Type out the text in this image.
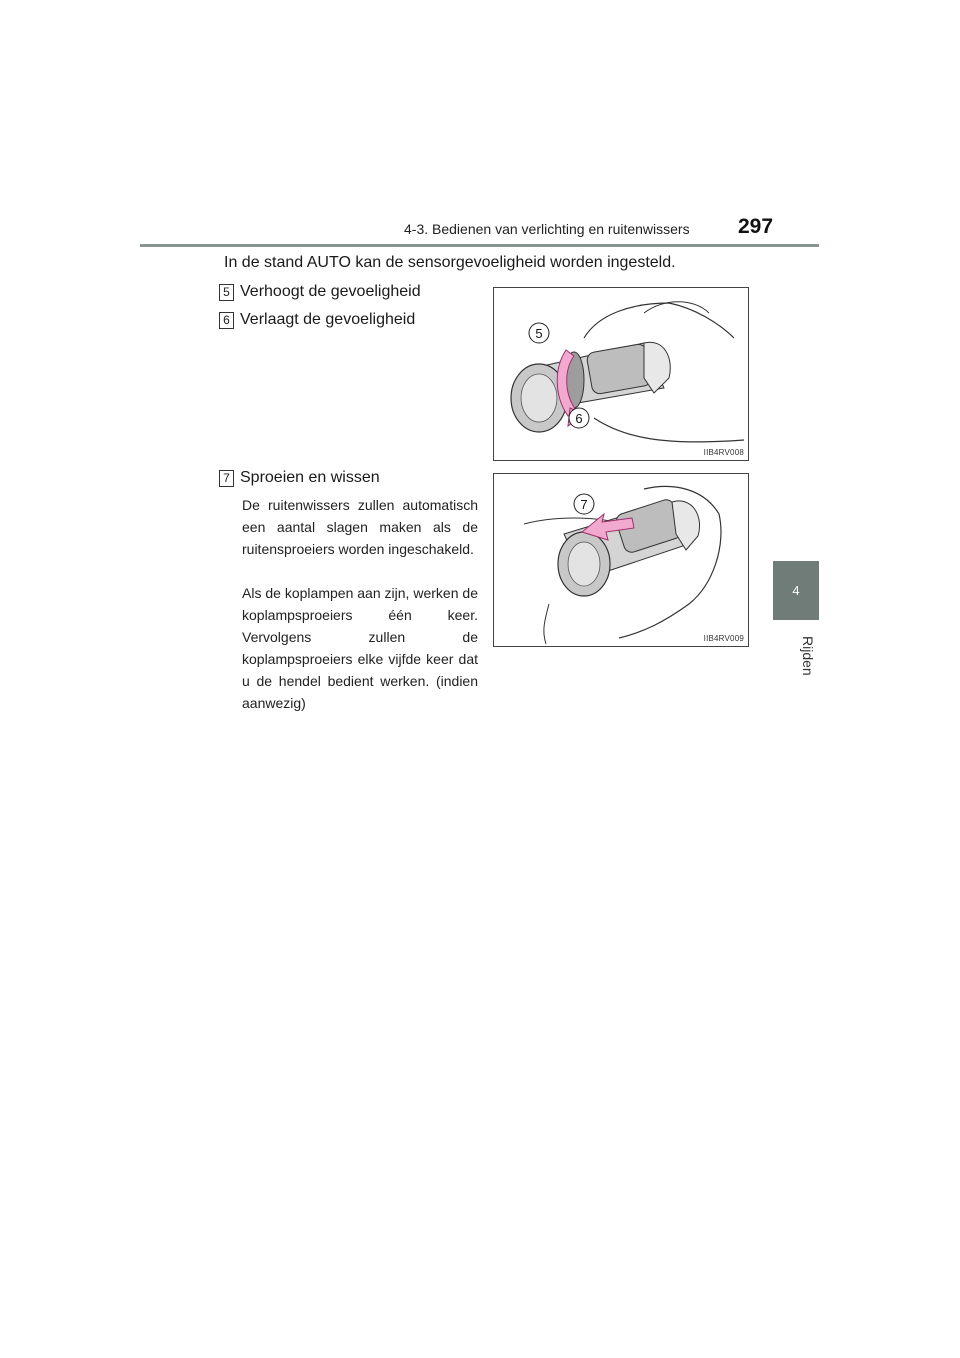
4-3. Bedienen van verlichting en ruitenwissers	297
4
Rijden
In de stand AUTO kan de sensorgevoeligheid worden ingesteld.
5 Verhoogt de gevoeligheid
6 Verlaagt de gevoeligheid
7 Sproeien en wissen
De ruitenwissers zullen automatisch een aantal slagen maken als de ruitensproeiers worden ingeschakeld.
Als de koplampen aan zijn, werken de koplampsproeiers één keer. Vervolgens zullen de koplampsproeiers elke vijfde keer dat u de hendel bedient werken. (indien aanwezig)
5
6
IIB4RV008
7
IIB4RV009
